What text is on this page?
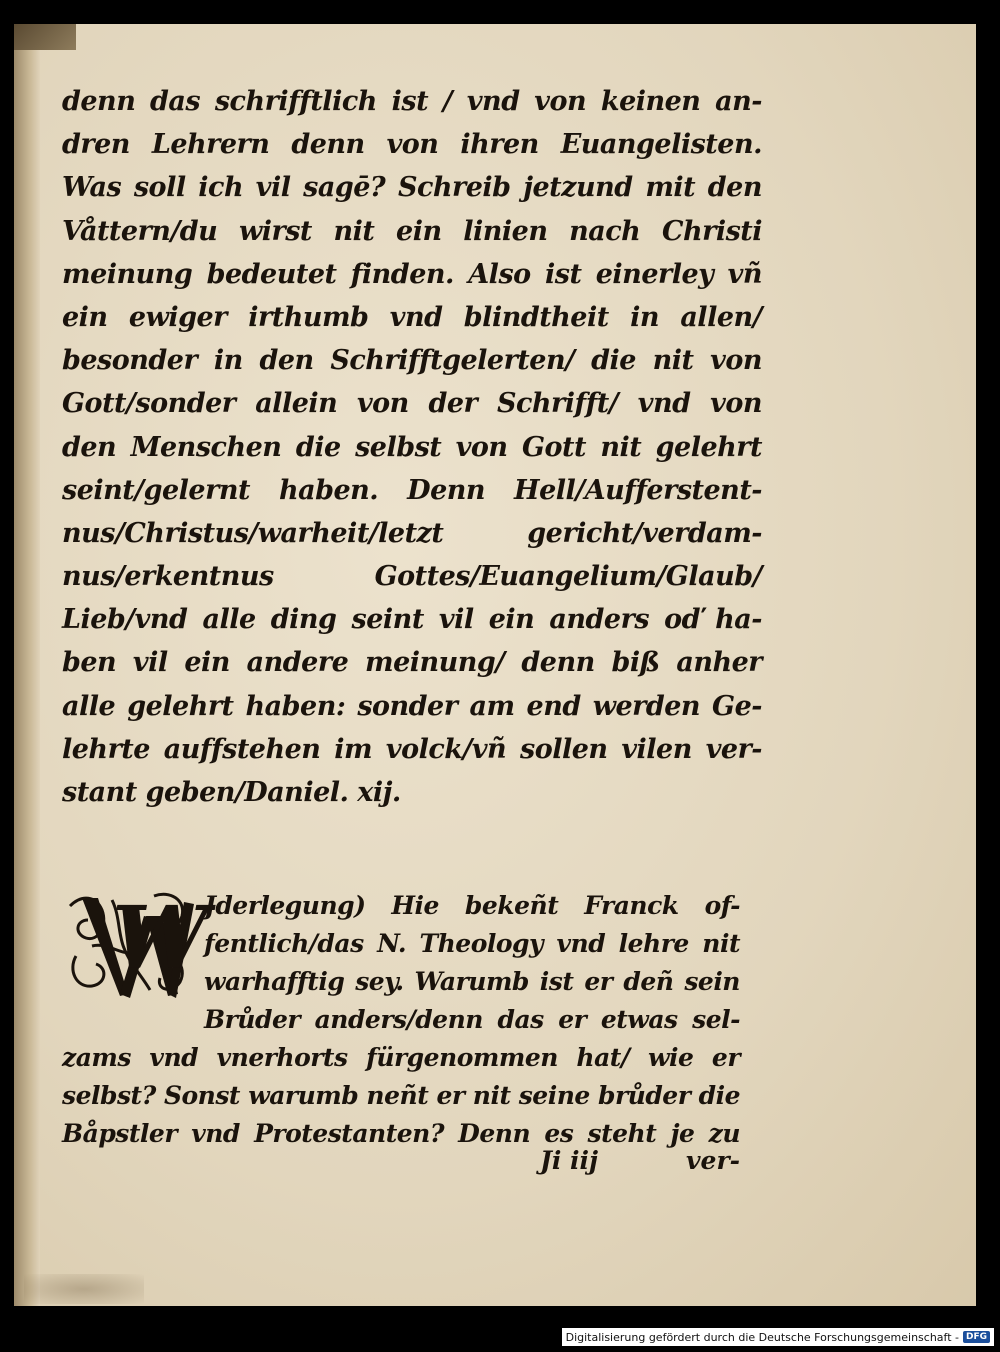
denn das schrifftlich ist / vnd von keinen an-
dren Lehrern denn von ihren Euangelisten.
Was soll ich vil sagē? Schreib jetzund mit den
Våttern/du wirst nit ein linien nach Christi
meinung bedeutet finden. Also ist einerley vñ
ein ewiger irthumb vnd blindtheit in allen/
besonder in den Schrifftgelerten/ die nit von
Gott/sonder allein von der Schrifft/ vnd von
den Menschen die selbst von Gott nit gelehrt
seint/gelernt haben. Denn Hell/Aufferstent-
nus/Christus/warheit/letzt gericht/verdam-
nus/erkentnus Gottes/Euangelium/Glaub/
Lieb/vnd alle ding seint vil ein anders oď ha-
ben vil ein andere meinung/ denn biß anher
alle gelehrt haben: sonder am end werden Ge-
lehrte auffstehen im volck/vñ sollen vilen ver-
stant geben/Daniel. xij.
W
Jderlegung) Hie bekeñt Franck of-
fentlich/das N. Theology vnd lehre nit
warhafftig sey. Warumb ist er deñ sein
Brůder anders/denn das er etwas sel-
zams vnd vnerhorts fürgenommen hat/ wie er
selbst? Sonst warumb neñt er nit seine brůder die
Båpstler vnd Protestanten? Denn es steht je zu
Ji iij	ver-
Digitalisierung gefördert durch die Deutsche Forschungsgemeinschaft - DFG
